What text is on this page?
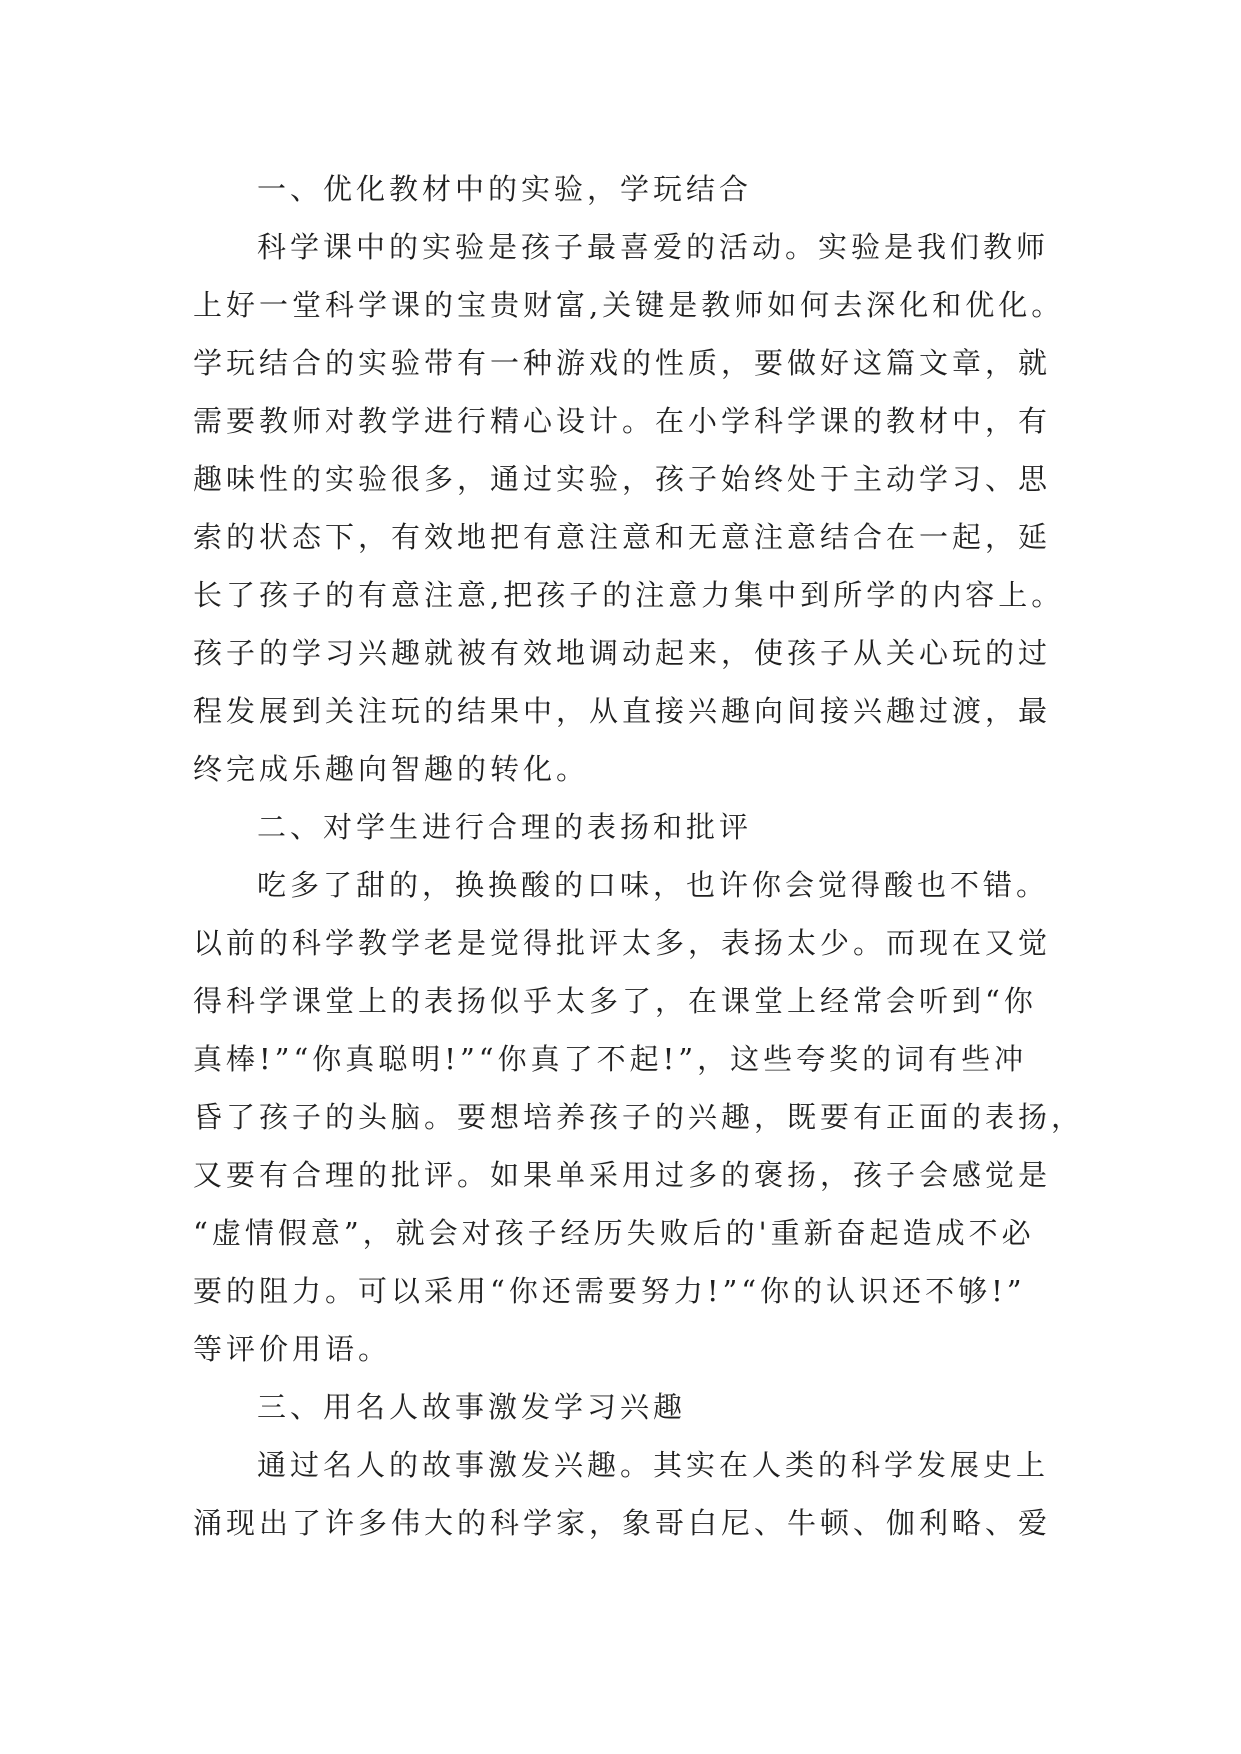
一、优化教材中的实验，学玩结合
科学课中的实验是孩子最喜爱的活动。实验是我们教师
上好一堂科学课的宝贵财富,关键是教师如何去深化和优化。
学玩结合的实验带有一种游戏的性质，要做好这篇文章，就
需要教师对教学进行精心设计。在小学科学课的教材中，有
趣味性的实验很多，通过实验，孩子始终处于主动学习、思
索的状态下，有效地把有意注意和无意注意结合在一起，延
长了孩子的有意注意,把孩子的注意力集中到所学的内容上。
孩子的学习兴趣就被有效地调动起来，使孩子从关心玩的过
程发展到关注玩的结果中，从直接兴趣向间接兴趣过渡，最
终完成乐趣向智趣的转化。
二、对学生进行合理的表扬和批评
吃多了甜的，换换酸的口味，也许你会觉得酸也不错。
以前的科学教学老是觉得批评太多，表扬太少。而现在又觉
得科学课堂上的表扬似乎太多了，在课堂上经常会听到“你
真棒!”“你真聪明!”“你真了不起!”，这些夸奖的词有些冲
昏了孩子的头脑。要想培养孩子的兴趣，既要有正面的表扬，
又要有合理的批评。如果单采用过多的褒扬，孩子会感觉是
“虚情假意”，就会对孩子经历失败后的'重新奋起造成不必
要的阻力。可以采用“你还需要努力!”“你的认识还不够!”
等评价用语。
三、用名人故事激发学习兴趣
通过名人的故事激发兴趣。其实在人类的科学发展史上
涌现出了许多伟大的科学家，象哥白尼、牛顿、伽利略、爱
